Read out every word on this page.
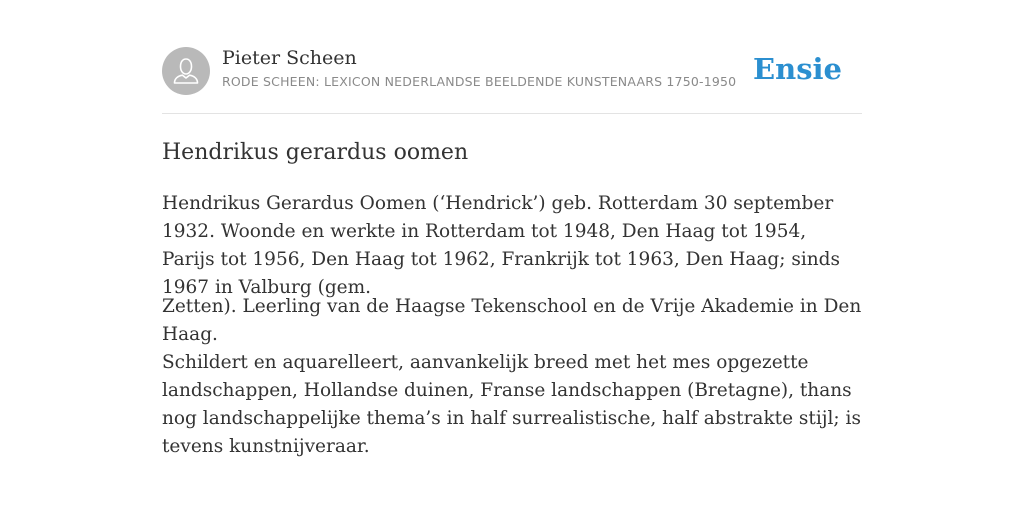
Pieter Scheen
RODE SCHEEN: LEXICON NEDERLANDSE BEELDENDE KUNSTENAARS 1750-1950 Ensie
Hendrikus gerardus oomen

Hendrikus Gerardus Oomen (‘Hendrick’) geb. Rotterdam 30 september 1932. Woonde en werkte in Rotterdam tot 1948, Den Haag tot 1954, Parijs tot 1956, Den Haag tot 1962, Frankrijk tot 1963, Den Haag; sinds 1967 in Valburg (gem.

Zetten). Leerling van de Haagse Tekenschool en de Vrije Akademie in Den Haag.

Schildert en aquarelleert, aanvankelijk breed met het mes opgezette landschappen, Hollandse duinen, Franse landschappen (Bretagne), thans nog landschappelijke thema’s in half surrealistische, half abstrakte stijl; is tevens kunstnijveraar.
